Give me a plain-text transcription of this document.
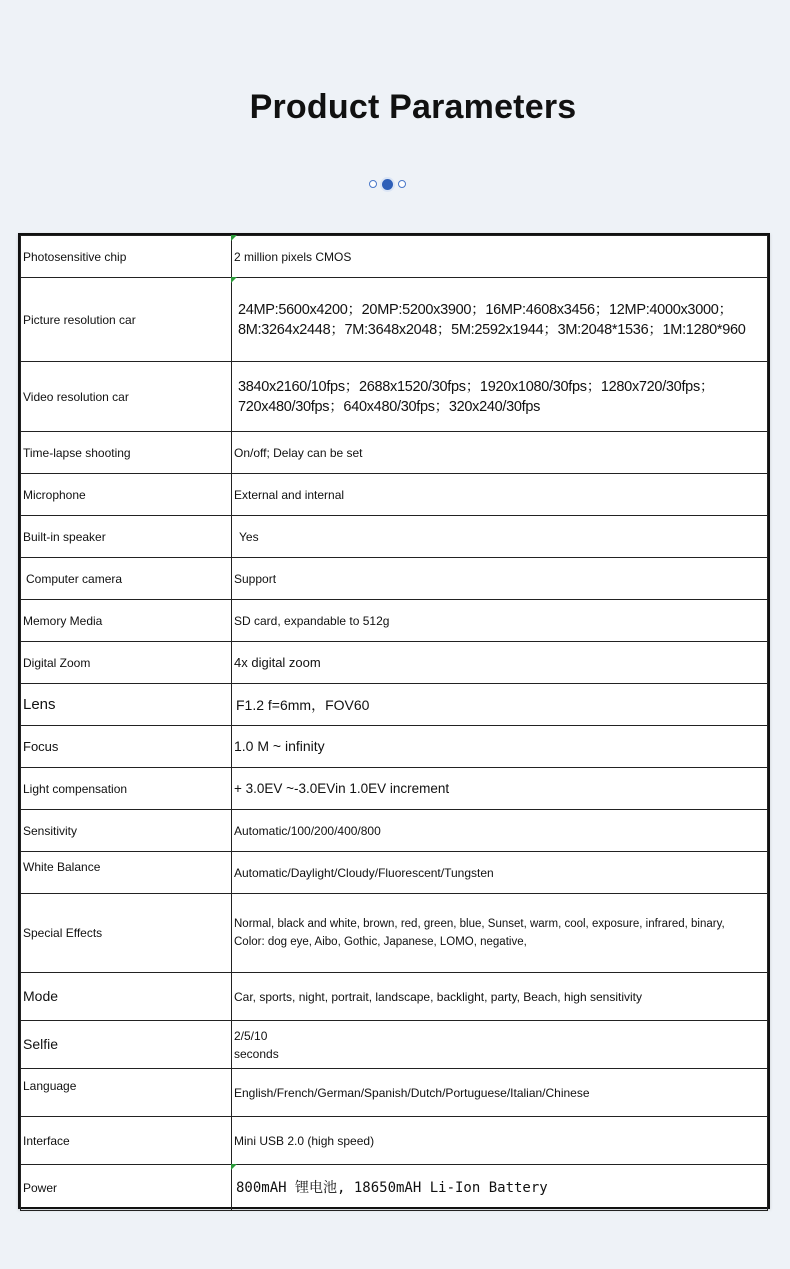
Product Parameters
Photosensitive chip	2 million pixels CMOS
Picture resolution car	24MP:5600x4200；20MP:5200x3900；16MP:4608x3456；12MP:4000x3000；8M:3264x2448；7M:3648x2048；5M:2592x1944；3M:2048*1536；1M:1280*960

Video resolution car	3840x2160/10fps；2688x1520/30fps；1920x1080/30fps；1280x720/30fps；720x480/30fps；640x480/30fps；320x240/30fps

Time-lapse shooting	On/off; Delay can be set
Microphone	External and internal
Built-in speaker	Yes
Computer camera	Support

Memory Media	SD card, expandable to 512g
Digital Zoom	4x digital zoom
Lens	F1.2 f=6mm，FOV60
Focus	1.0 M ~ infinity
Light compensation	+ 3.0EV ~-3.0EVin 1.0EV increment
Sensitivity	Automatic/100/200/400/800
White Balance	Automatic/Daylight/Cloudy/Fluorescent/Tungsten
Special Effects	Normal, black and white, brown, red, green, blue, Sunset, warm, cool, exposure, infrared, binary, Color: dog eye, Aibo, Gothic, Japanese, LOMO, negative,
Mode	Car, sports, night, portrait, landscape, backlight, party, Beach, high sensitivity
Selfie	2/5/10 seconds

Language	English/French/German/Spanish/Dutch/Portuguese/Italian/Chinese
Interface	Mini USB 2.0 (high speed)
Power	800mAH 锂电池, 18650mAH Li-Ion Battery
